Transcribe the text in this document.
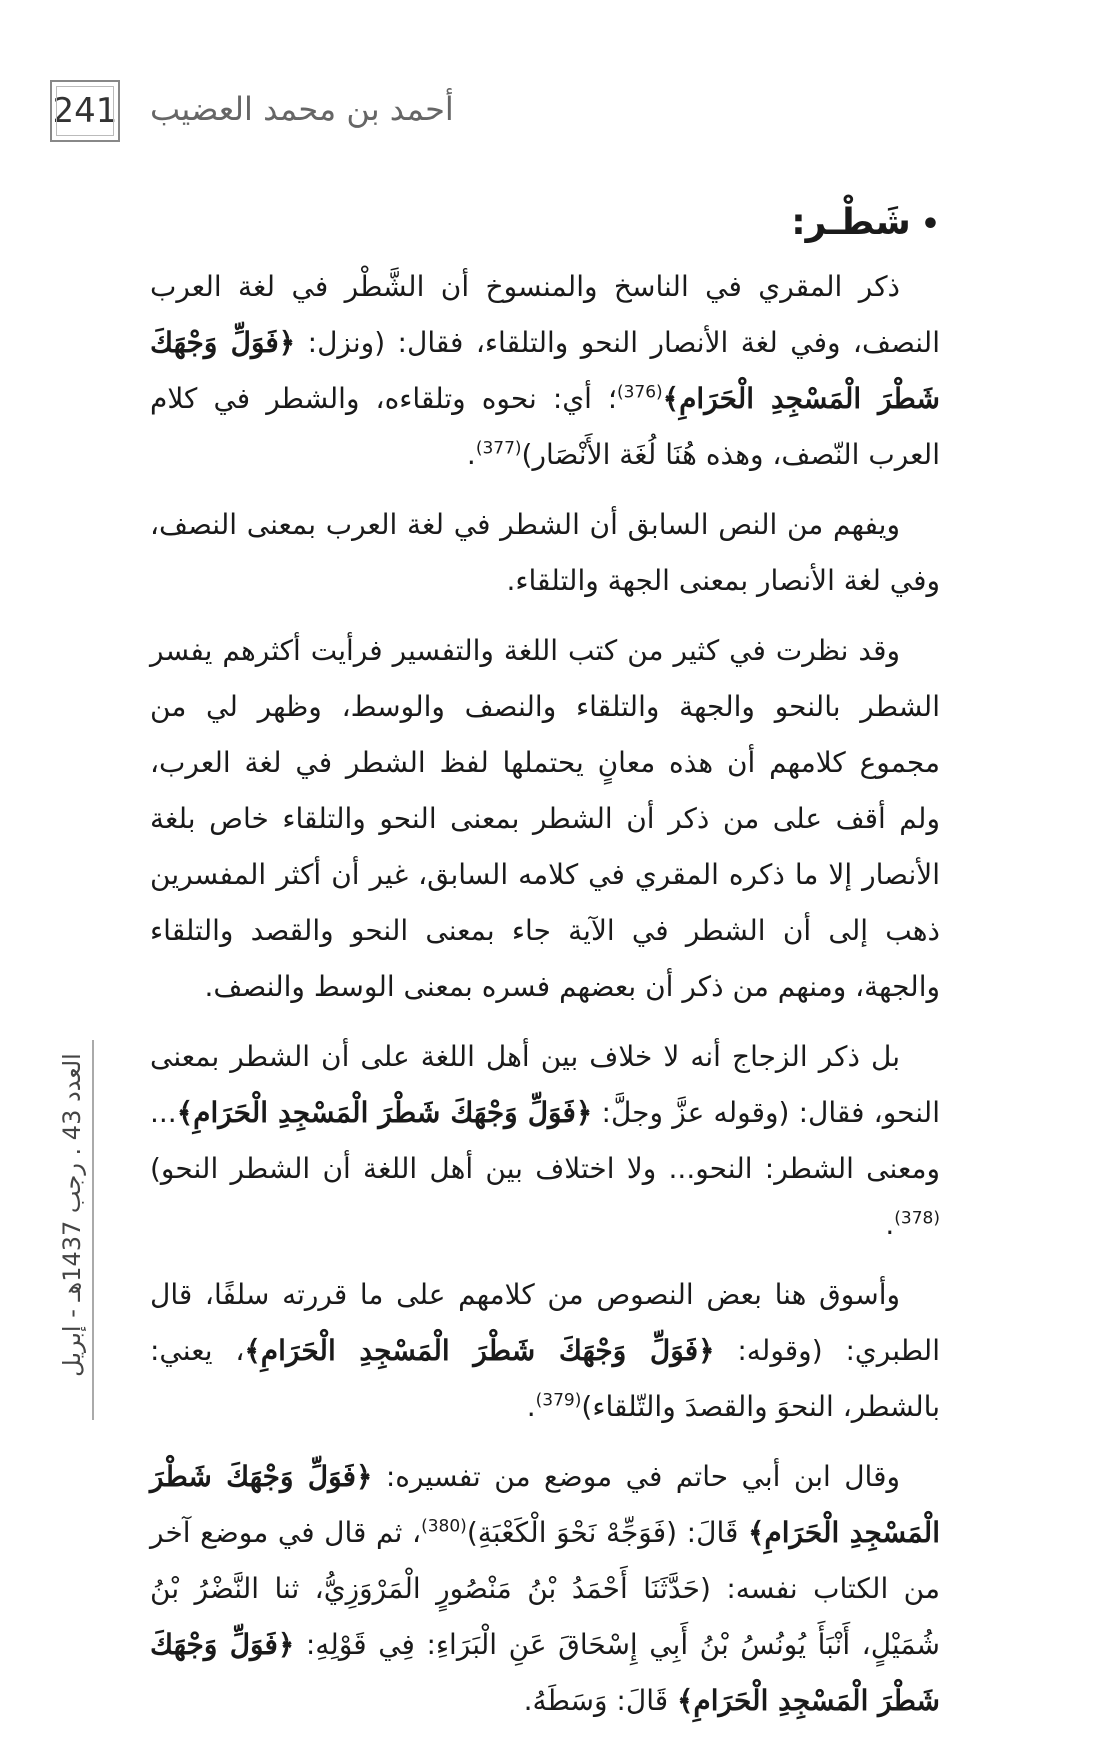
241 أحمد بن محمد العضيب
•شَطْـر:

ذكر المقري في الناسخ والمنسوخ أن الشَّطْر في لغة العرب النصف، وفي لغة الأنصار النحو والتلقاء، فقال: (ونزل: ﴿فَوَلِّ وَجْهَكَ شَطْرَ الْمَسْجِدِ الْحَرَامِ﴾$^{(376)}$؛ أي: نحوه وتلقاءه، والشطر في كلام العرب النّصف، وهذه هُنَا لُغَة الأَنْصَار)$^{(377)}$.

ويفهم من النص السابق أن الشطر في لغة العرب بمعنى النصف، وفي لغة الأنصار بمعنى الجهة والتلقاء.

وقد نظرت في كثير من كتب اللغة والتفسير فرأيت أكثرهم يفسر الشطر بالنحو والجهة والتلقاء والنصف والوسط، وظهر لي من مجموع كلامهم أن هذه معانٍ يحتملها لفظ الشطر في لغة العرب، ولم أقف على من ذكر أن الشطر بمعنى النحو والتلقاء خاص بلغة الأنصار إلا ما ذكره المقري في كلامه السابق، غير أن أكثر المفسرين ذهب إلى أن الشطر في الآية جاء بمعنى النحو والقصد والتلقاء والجهة، ومنهم من ذكر أن بعضهم فسره بمعنى الوسط والنصف.

بل ذكر الزجاج أنه لا خلاف بين أهل اللغة على أن الشطر بمعنى النحو، فقال: (وقوله عزَّ وجلَّ: ﴿فَوَلِّ وَجْهَكَ شَطْرَ الْمَسْجِدِ الْحَرَامِ﴾... ومعنى الشطر: النحو... ولا اختلاف بين أهل اللغة أن الشطر النحو)$^{(378)}$.

وأسوق هنا بعض النصوص من كلامهم على ما قررته سلفًا، قال الطبري: (وقوله: ﴿فَوَلِّ وَجْهَكَ شَطْرَ الْمَسْجِدِ الْحَرَامِ﴾، يعني: بالشطر، النحوَ والقصدَ والتّلقاء)$^{(379)}$.

وقال ابن أبي حاتم في موضع من تفسيره: ﴿فَوَلِّ وَجْهَكَ شَطْرَ الْمَسْجِدِ الْحَرَامِ﴾ قَالَ: (فَوَجِّهْ نَحْوَ الْكَعْبَةِ)$^{(380)}$، ثم قال في موضع آخر من الكتاب نفسه: (حَدَّثَنَا أَحْمَدُ بْنُ مَنْصُورٍ الْمَرْوَزِيُّ، ثنا النَّضْرُ بْنُ شُمَيْلٍ، أَنْبَأَ يُونُسُ بْنُ أَبِي إِسْحَاقَ عَنِ الْبَرَاءِ: فِي قَوْلِهِ: ﴿فَوَلِّ وَجْهَكَ شَطْرَ الْمَسْجِدِ الْحَرَامِ﴾ قَالَ: وَسَطَهُ.

العدد 43 . رجب 1437هـ - إبريل
